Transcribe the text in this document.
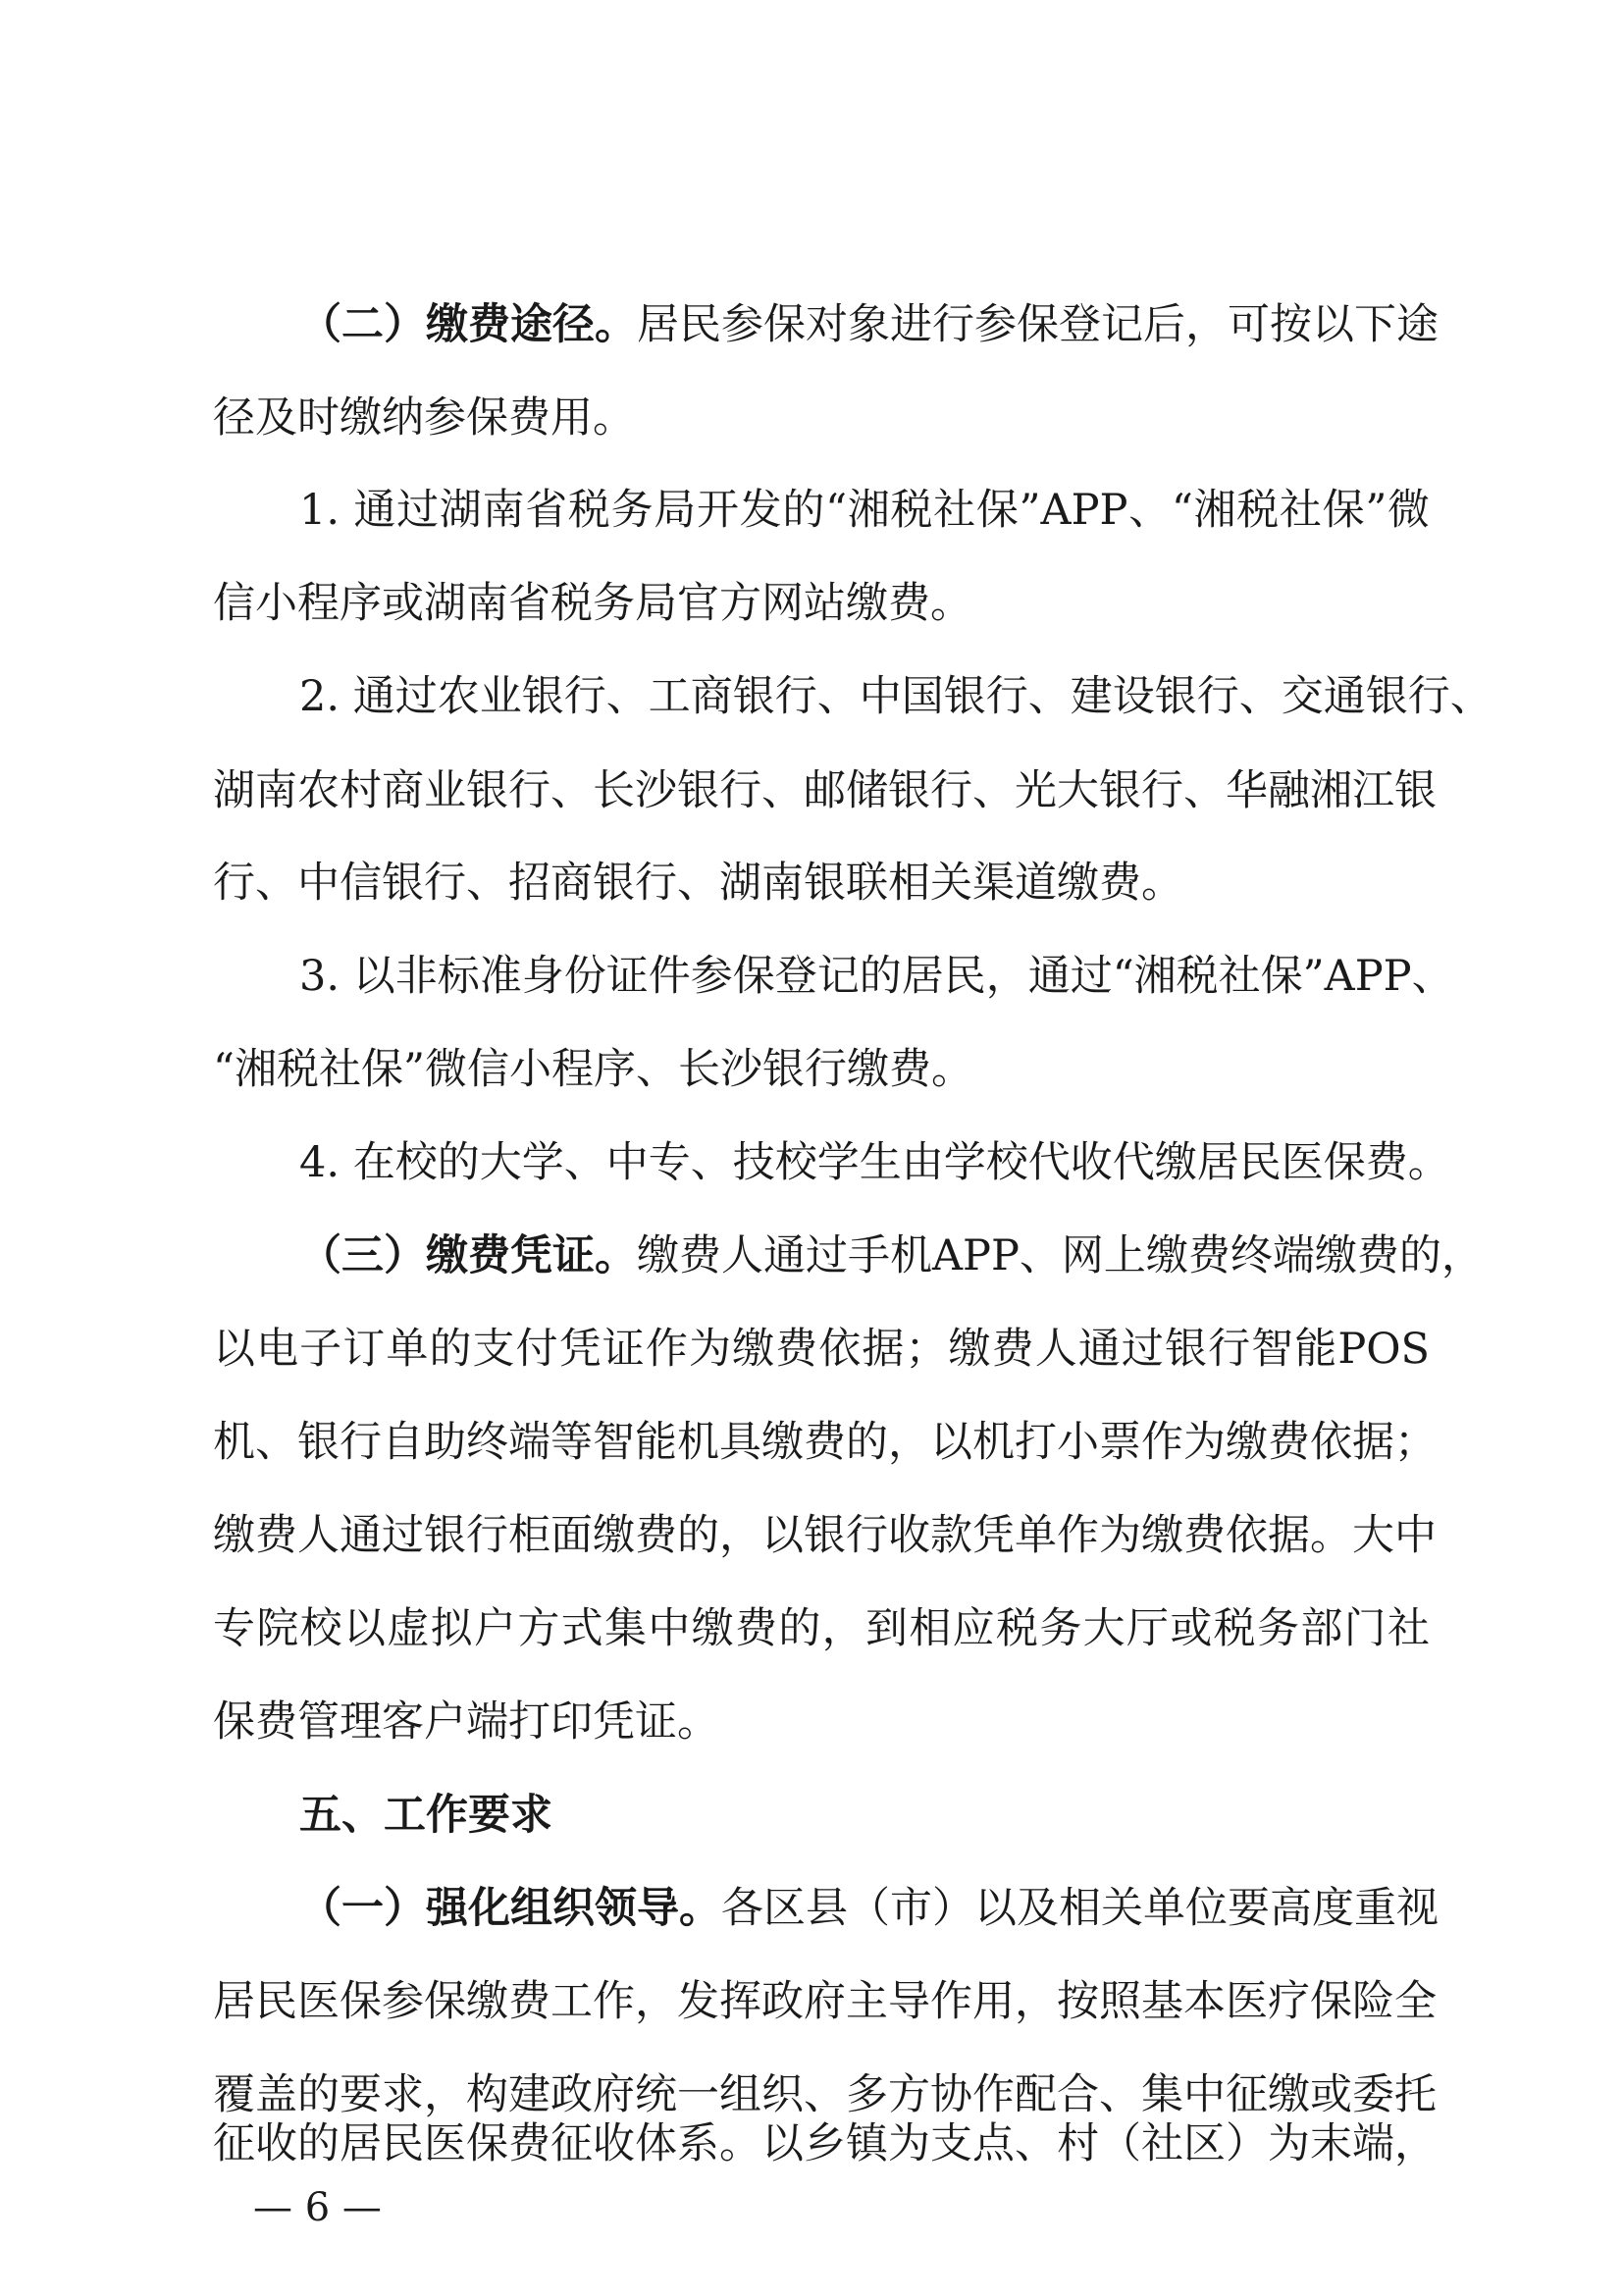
（二）缴费途径。居民参保对象进行参保登记后，可按以下途
径及时缴纳参保费用。
1. 通过湖南省税务局开发的“湘税社保”APP、“湘税社保”微
信小程序或湖南省税务局官方网站缴费。
2. 通过农业银行、工商银行、中国银行、建设银行、交通银行、
湖南农村商业银行、长沙银行、邮储银行、光大银行、华融湘江银
行、中信银行、招商银行、湖南银联相关渠道缴费。
3. 以非标准身份证件参保登记的居民，通过“湘税社保”APP、
“湘税社保”微信小程序、长沙银行缴费。
4. 在校的大学、中专、技校学生由学校代收代缴居民医保费。
（三）缴费凭证。缴费人通过手机APP、网上缴费终端缴费的，
以电子订单的支付凭证作为缴费依据；缴费人通过银行智能POS
机、银行自助终端等智能机具缴费的，以机打小票作为缴费依据；
缴费人通过银行柜面缴费的，以银行收款凭单作为缴费依据。大中
专院校以虚拟户方式集中缴费的，到相应税务大厅或税务部门社
保费管理客户端打印凭证。
五、工作要求
（一）强化组织领导。各区县（市）以及相关单位要高度重视
居民医保参保缴费工作，发挥政府主导作用，按照基本医疗保险全
覆盖的要求，构建政府统一组织、多方协作配合、集中征缴或委托
征收的居民医保费征收体系。以乡镇为支点、村（社区）为末端，
— 6 —
